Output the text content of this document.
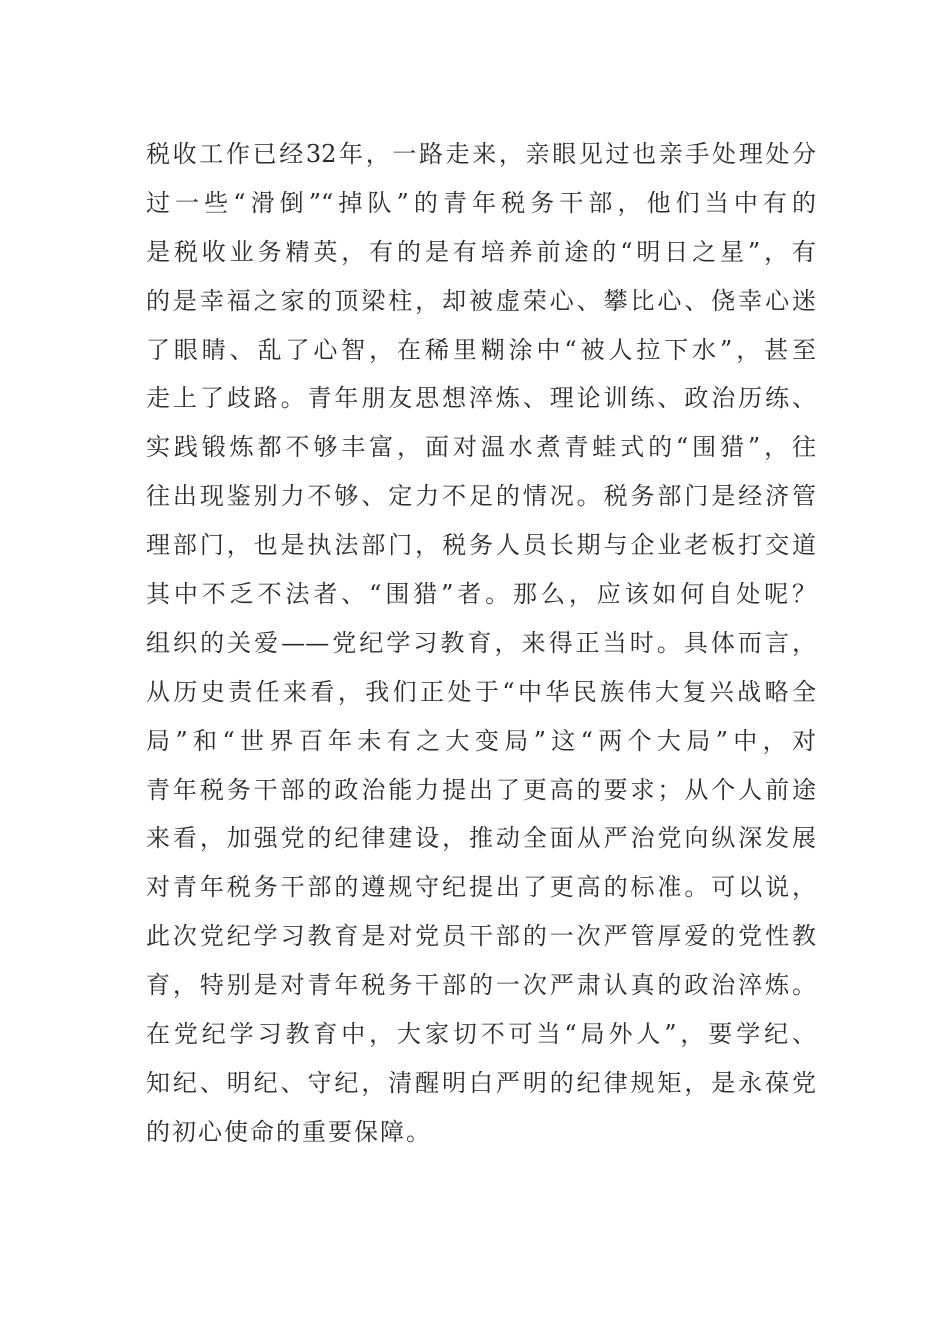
税收工作已经32年，一路走来，亲眼见过也亲手处理处分
过一些“滑倒”“掉队”的青年税务干部，他们当中有的
是税收业务精英，有的是有培养前途的“明日之星”，有
的是幸福之家的顶梁柱，却被虚荣心、攀比心、侥幸心迷
了眼睛、乱了心智，在稀里糊涂中“被人拉下水”，甚至
走上了歧路。青年朋友思想淬炼、理论训练、政治历练、
实践锻炼都不够丰富，面对温水煮青蛙式的“围猎”，往
往出现鉴别力不够、定力不足的情况。税务部门是经济管
理部门，也是执法部门，税务人员长期与企业老板打交道
其中不乏不法者、“围猎”者。那么，应该如何自处呢？
组织的关爱——党纪学习教育，来得正当时。具体而言，
从历史责任来看，我们正处于“中华民族伟大复兴战略全
局”和“世界百年未有之大变局”这“两个大局”中，对
青年税务干部的政治能力提出了更高的要求；从个人前途
来看，加强党的纪律建设，推动全面从严治党向纵深发展
对青年税务干部的遵规守纪提出了更高的标准。可以说，
此次党纪学习教育是对党员干部的一次严管厚爱的党性教
育，特别是对青年税务干部的一次严肃认真的政治淬炼。
在党纪学习教育中，大家切不可当“局外人”，要学纪、
知纪、明纪、守纪，清醒明白严明的纪律规矩，是永葆党
的初心使命的重要保障。
